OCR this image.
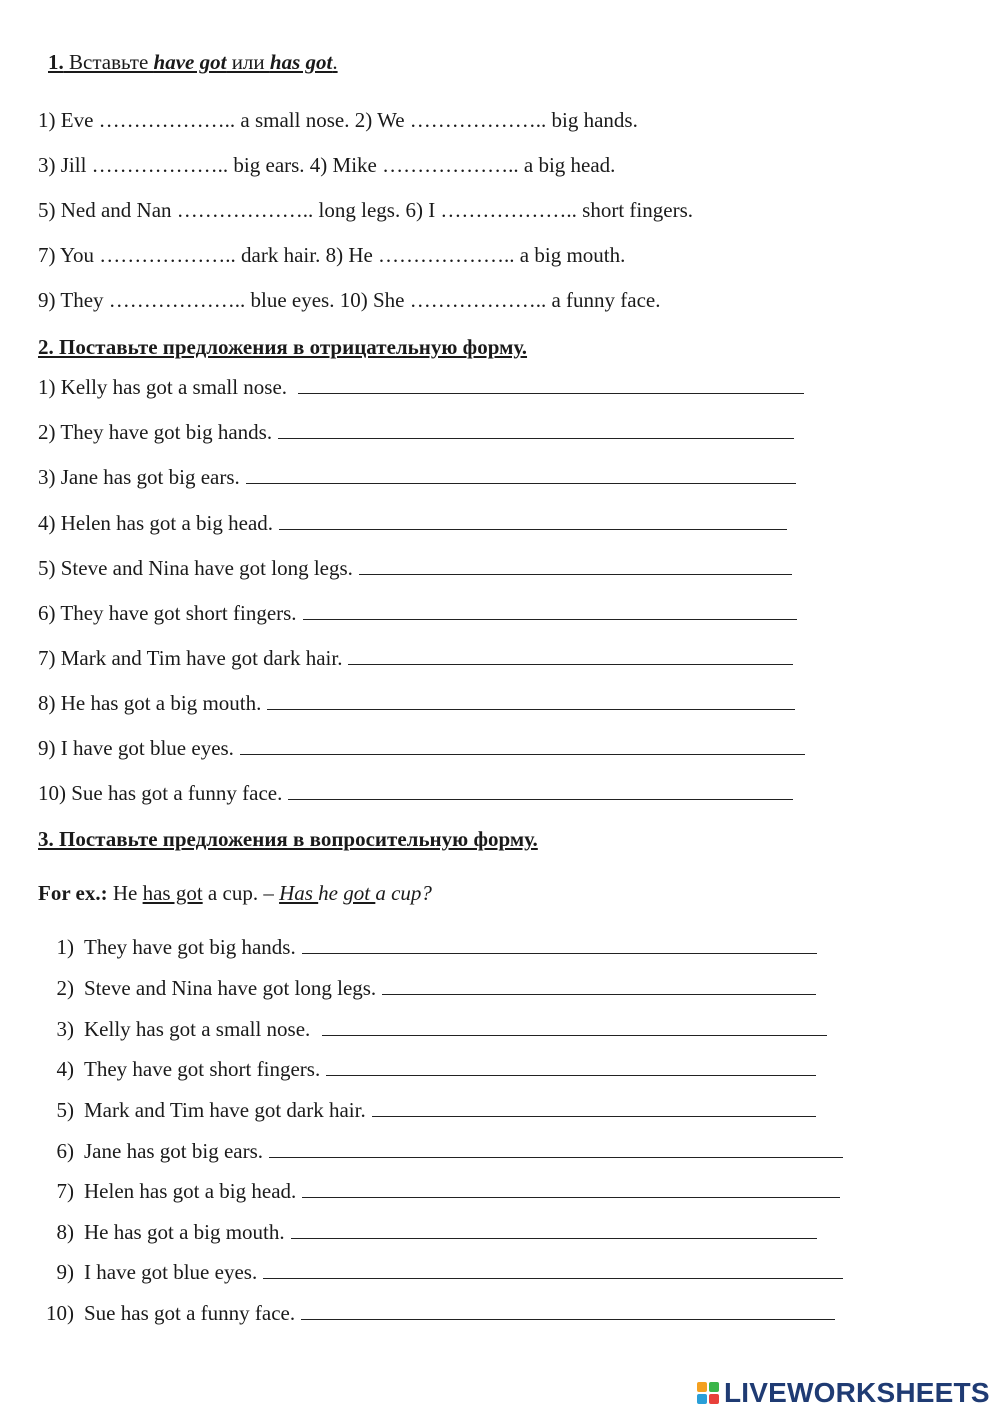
1. Вставьте have got или has got.
1) Eve ……………….. a small nose. 2) We ……………….. big hands.
3) Jill ……………….. big ears. 4) Mike ……………….. a big head.
5) Ned and Nan ……………….. long legs. 6) I ……………….. short fingers.
7) You ……………….. dark hair. 8) He ……………….. a big mouth.
9) They ……………….. blue eyes. 10) She ……………….. a funny face.
2. Поставьте предложения в отрицательную форму.
1) Kelly has got a small nose.
2) They have got big hands.
3) Jane has got big ears.
4) Helen has got a big head.
5) Steve and Nina have got long legs.
6) They have got short fingers.
7) Mark and Tim have got dark hair.
8) He has got a big mouth.
9) I have got blue eyes.
10) Sue has got a funny face.
3. Поставьте предложения в вопросительную форму.
For ex.: He has got a cup. – Has he got a cup?
1) They have got big hands.
2) Steve and Nina have got long legs.
3) Kelly has got a small nose.
4) They have got short fingers.
5) Mark and Tim have got dark hair.
6) Jane has got big ears.
7) Helen has got a big head.
8) He has got a big mouth.
9) I have got blue eyes.
10) Sue has got a funny face.
LIVEWORKSHEETS
